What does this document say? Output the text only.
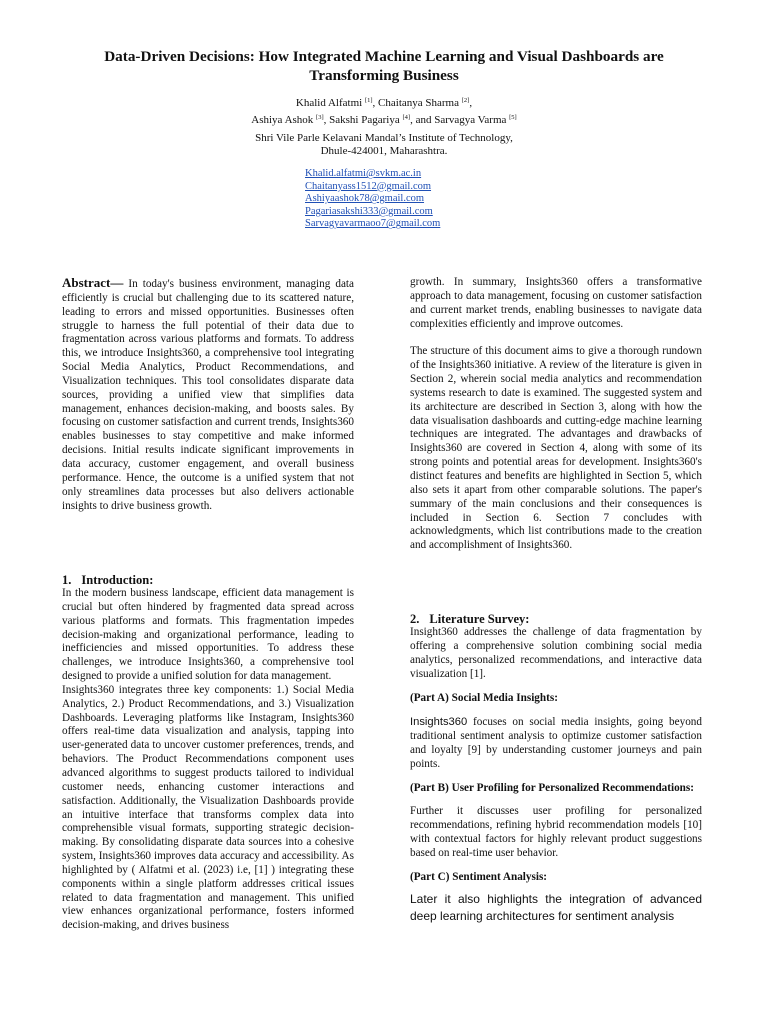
Data-Driven Decisions: How Integrated Machine Learning and Visual Dashboards are
Transforming Business
Khalid Alfatmi [1], Chaitanya Sharma [2],
Ashiya Ashok [3], Sakshi Pagariya [4], and Sarvagya Varma [5]
Shri Vile Parle Kelavani Mandal’s Institute of Technology,
Dhule-424001, Maharashtra.
Khalid.alfatmi@svkm.ac.in
Chaitanyass1512@gmail.com
Ashiyaashok78@gmail.com
Pagariasakshi333@gmail.com
Sarvagyavarmaoo7@gmail.com

Abstract— In today's business environment, managing data efficiently is crucial but challenging due to its scattered nature, leading to errors and missed opportunities. Businesses often struggle to harness the full potential of their data due to fragmentation across various platforms and formats. To address this, we introduce Insights360, a comprehensive tool integrating Social Media Analytics, Product Recommendations, and Visualization techniques. This tool consolidates disparate data sources, providing a unified view that simplifies data management, enhances decision-making, and boosts sales. By focusing on customer satisfaction and current trends, Insights360 enables businesses to stay competitive and make informed decisions. Initial results indicate significant improvements in data accuracy, customer engagement, and overall business performance. Hence, the outcome is a unified system that not only streamlines data processes but also delivers actionable insights to drive business growth.

1. Introduction:

In the modern business landscape, efficient data management is crucial but often hindered by fragmented data spread across various platforms and formats. This fragmentation impedes decision-making and organizational performance, leading to inefficiencies and missed opportunities. To address these challenges, we introduce Insights360, a comprehensive tool designed to provide a unified solution for data management.

Insights360 integrates three key components: 1.) Social Media Analytics, 2.) Product Recommendations, and 3.) Visualization Dashboards. Leveraging platforms like Instagram, Insights360 offers real-time data visualization and analysis, tapping into user-generated data to uncover customer preferences, trends, and behaviors. The Product Recommendations component uses advanced algorithms to suggest products tailored to individual customer needs, enhancing customer interactions and satisfaction. Additionally, the Visualization Dashboards provide an intuitive interface that transforms complex data into comprehensible visual formats, supporting strategic decision-making. By consolidating disparate data sources into a cohesive system, Insights360 improves data accuracy and accessibility. As highlighted by ( Alfatmi et al. (2023) i.e, [1] ) integrating these components within a single platform addresses critical issues related to data fragmentation and management. This unified view enhances organizational performance, fosters informed decision-making, and drives business

growth. In summary, Insights360 offers a transformative approach to data management, focusing on customer satisfaction and current market trends, enabling businesses to navigate data complexities efficiently and improve outcomes.

The structure of this document aims to give a thorough rundown of the Insights360 initiative. A review of the literature is given in Section 2, wherein social media analytics and recommendation systems research to date is examined. The suggested system and its architecture are described in Section 3, along with how the data visualisation dashboards and cutting-edge machine learning techniques are integrated. The advantages and drawbacks of Insights360 are covered in Section 4, along with some of its strong points and potential areas for development. Insights360's distinct features and benefits are highlighted in Section 5, which also sets it apart from other comparable solutions. The paper's summary of the main conclusions and their consequences is included in Section 6. Section 7 concludes with acknowledgments, which list contributions made to the creation and accomplishment of Insights360.

2. Literature Survey:

Insight360 addresses the challenge of data fragmentation by offering a comprehensive solution combining social media analytics, personalized recommendations, and interactive data visualization [1].

(Part A) Social Media Insights:

Insights360 focuses on social media insights, going beyond traditional sentiment analysis to optimize customer satisfaction and loyalty [9] by understanding customer journeys and pain points.

(Part B) User Profiling for Personalized Recommendations:

Further it discusses user profiling for personalized recommendations, refining hybrid recommendation models [10] with contextual factors for highly relevant product suggestions based on real-time user behavior.

(Part C) Sentiment Analysis:

Later it also highlights the integration of advanced deep learning architectures for sentiment analysis
